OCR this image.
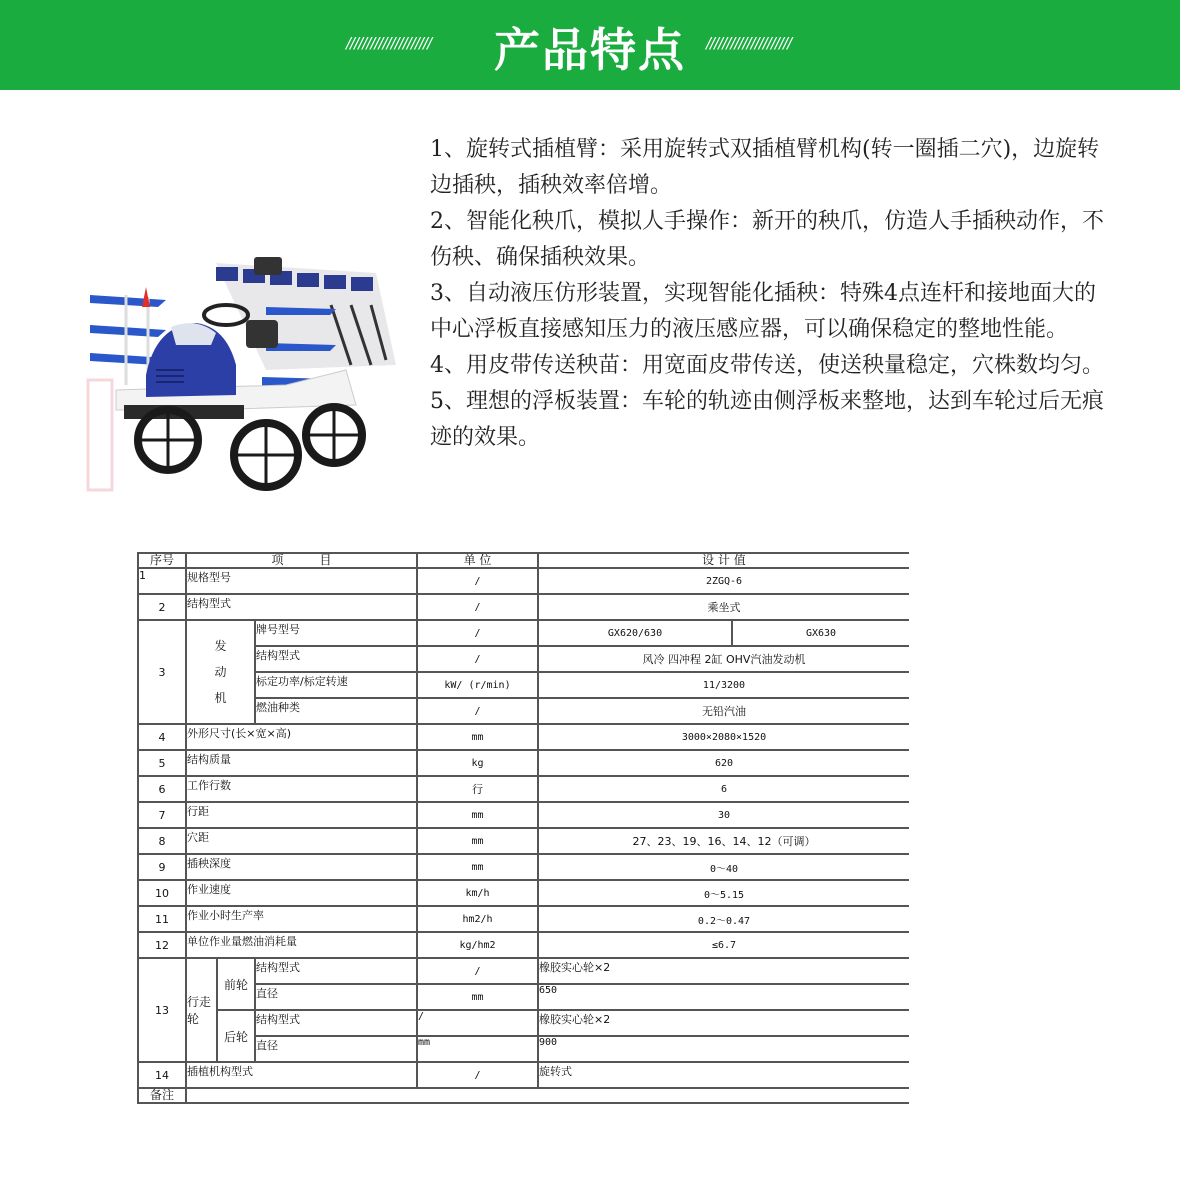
/////////////////////	产品特点	/////////////////////

1、旋转式插植臂：采用旋转式双插植臂机构(转一圈插二穴)，边旋转边插秧，插秧效率倍增。

2、智能化秧爪，模拟人手操作：新开的秧爪，仿造人手插秧动作，不伤秧、确保插秧效果。

3、自动液压仿形装置，实现智能化插秧：特殊4点连杆和接地面大的中心浮板直接感知压力的液压感应器，可以确保稳定的整地性能。

4、用皮带传送秧苗：用宽面皮带传送，使送秧量稳定，穴株数均匀。

5、理想的浮板装置：车轮的轨迹由侧浮板来整地，达到车轮过后无痕迹的效果。

序号	项　　　目			单 位	设 计 值	
1	规格型号			/	2ZGQ-6	
2	结构型式			/	乘坐式	
3	发
动
机		牌号型号	/	GX620/630	GX630
			结构型式	/	风冷 四冲程 2缸 OHV汽油发动机	
			标定功率/标定转速	kW/ (r/min)	11/3200	
			燃油种类	/	无铅汽油	
4	外形尺寸(长×宽×高)			mm	3000×2080×1520	
5	结构质量			kg	620	
6	工作行数			行	6	
7	行距			mm	30	
8	穴距			mm	27、23、19、16、14、12（可调）	
9	插秧深度			mm	0～40	
10	作业速度			km/h	0～5.15	
11	作业小时生产率			hm2/h	0.2～0.47	
12	单位作业量燃油消耗量			kg/hm2	≤6.7	
13	行走轮	前轮	结构型式	/	橡胶实心轮×2	
			直径	mm	650	
		后轮	结构型式	/	橡胶实心轮×2	
			直径	mm	900	
14	插植机构型式			/	旋转式	
备注						
